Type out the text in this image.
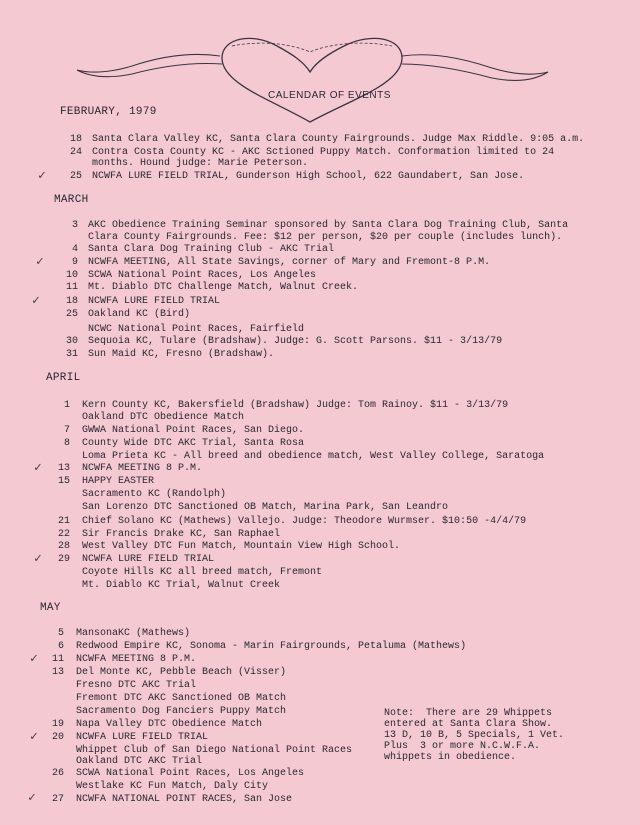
CALENDAR OF EVENTS
FEBRUARY, 1979
18 Santa Clara Valley KC, Santa Clara County Fairgrounds. Judge Max Riddle. 9:05 a.m.
24 Contra Costa County KC - AKC Sctioned Puppy Match. Conformation limited to 24
months. Hound judge: Marie Peterson.
✓	25 NCWFA LURE FIELD TRIAL, Gunderson High School, 622 Gaundabert, San Jose.
MARCH
3 AKC Obedience Training Seminar sponsored by Santa Clara Dog Training Club, Santa
Clara County Fairgrounds. Fee: $12 per person, $20 per couple (includes lunch).
4 Santa Clara Dog Training Club - AKC Trial
✓	9 NCWFA MEETING, All State Savings, corner of Mary and Fremont-8 P.M.
10 SCWA National Point Races, Los Angeles
11 Mt. Diablo DTC Challenge Match, Walnut Creek.
✓	18 NCWFA LURE FIELD TRIAL
25 Oakland KC (Bird)
NCWC National Point Races, Fairfield
30 Sequoia KC, Tulare (Bradshaw). Judge: G. Scott Parsons. $11 - 3/13/79
31 Sun Maid KC, Fresno (Bradshaw).
APRIL
1 Kern County KC, Bakersfield (Bradshaw) Judge: Tom Rainoy. $11 - 3/13/79
Oakland DTC Obedience Match
7 GWWA National Point Races, San Diego.
8 County Wide DTC AKC Trial, Santa Rosa
Loma Prieta KC - All breed and obedience match, West Valley College, Saratoga
✓	13 NCWFA MEETING 8 P.M.
15 HAPPY EASTER
Sacramento KC (Randolph)
San Lorenzo DTC Sanctioned OB Match, Marina Park, San Leandro
21 Chief Solano KC (Mathews) Vallejo. Judge: Theodore Wurmser. $10:50 -4/4/79
22 Sir Francis Drake KC, San Raphael
28 West Valley DTC Fun Match, Mountain View High School.
✓	29 NCWFA LURE FIELD TRIAL
Coyote Hills KC all breed match, Fremont
Mt. Diablo KC Trial, Walnut Creek
MAY
5 MansonaKC (Mathews)
6 Redwood Empire KC, Sonoma - Marin Fairgrounds, Petaluma (Mathews)
✓	11 NCWFA MEETING 8 P.M.
13 Del Monte KC, Pebble Beach (Visser)
Fresno DTC AKC Trial
Fremont DTC AKC Sanctioned OB Match
Sacramento Dog Fanciers Puppy Match
19 Napa Valley DTC Obedience Match
✓	20 NCWFA LURE FIELD TRIAL
Whippet Club of San Diego National Point Races
Oakland DTC AKC Trial
26 SCWA National Point Races, Los Angeles
Westlake KC Fun Match, Daly City
✓	27 NCWFA NATIONAL POINT RACES, San Jose
Note:  There are 29 Whippets
entered at Santa Clara Show.
13 D, 10 B, 5 Specials, 1 Vet.
Plus  3 or more N.C.W.F.A.
whippets in obedience.
